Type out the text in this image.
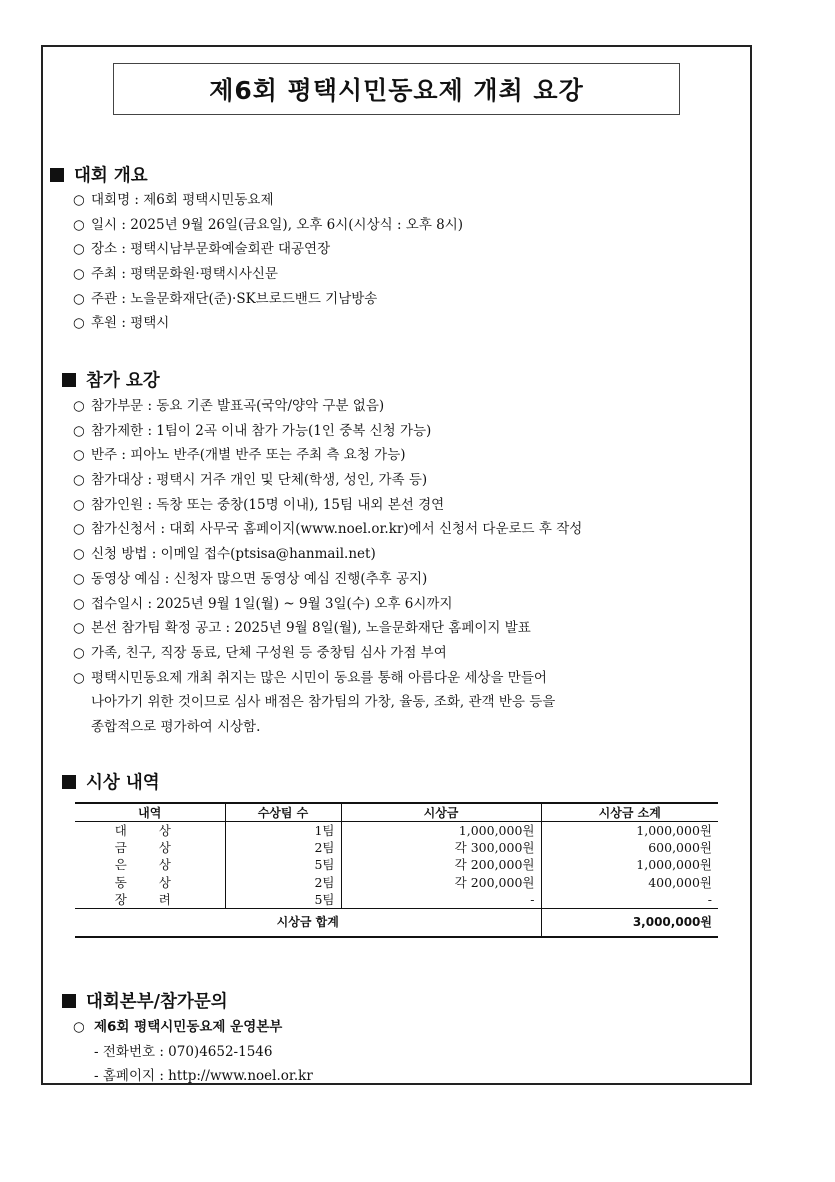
제6회 평택시민동요제 개최 요강
대회 개요
○ 대회명 : 제6회 평택시민동요제
○ 일시 : 2025년 9월 26일(금요일), 오후 6시(시상식 : 오후 8시)
○ 장소 : 평택시남부문화예술회관 대공연장
○ 주최 : 평택문화원·평택시사신문
○ 주관 : 노을문화재단(준)·SK브로드밴드 기남방송
○ 후원 : 평택시
참가 요강
○ 참가부문 : 동요 기존 발표곡(국악/양악 구분 없음)
○ 참가제한 : 1팀이 2곡 이내 참가 가능(1인 중복 신청 가능)
○ 반주 : 피아노 반주(개별 반주 또는 주최 측 요청 가능)
○ 참가대상 : 평택시 거주 개인 및 단체(학생, 성인, 가족 등)
○ 참가인원 : 독창 또는 중창(15명 이내), 15팀 내외 본선 경연
○ 참가신청서 : 대회 사무국 홈페이지(www.noel.or.kr)에서 신청서 다운로드 후 작성
○ 신청 방법 : 이메일 접수(ptsisa@hanmail.net)
○ 동영상 예심 : 신청자 많으면 동영상 예심 진행(추후 공지)
○ 접수일시 : 2025년 9월 1일(월) ~ 9월 3일(수) 오후 6시까지
○ 본선 참가팀 확정 공고 : 2025년 9월 8일(월), 노을문화재단 홈페이지 발표
○ 가족, 친구, 직장 동료, 단체 구성원 등 중창팀 심사 가점 부여
○ 평택시민동요제 개최 취지는 많은 시민이 동요를 통해 아름다운 세상을 만들어
나아가기 위한 것이므로 심사 배점은 참가팀의 가창, 율동, 조화, 관객 반응 등을
종합적으로 평가하여 시상함.
시상 내역
내역	수상팀 수	시상금	시상금 소계
대 상	1팀	1,000,000원	1,000,000원
금 상	2팀	각 300,000원	600,000원
은 상	5팀	각 200,000원	1,000,000원
동 상	2팀	각 200,000원	400,000원
장 려	5팀	-	-
시상금 합계			3,000,000원
대회본부/참가문의
○ 제6회 평택시민동요제 운영본부
- 전화번호 : 070)4652-1546
- 홈페이지 : http://www.noel.or.kr
